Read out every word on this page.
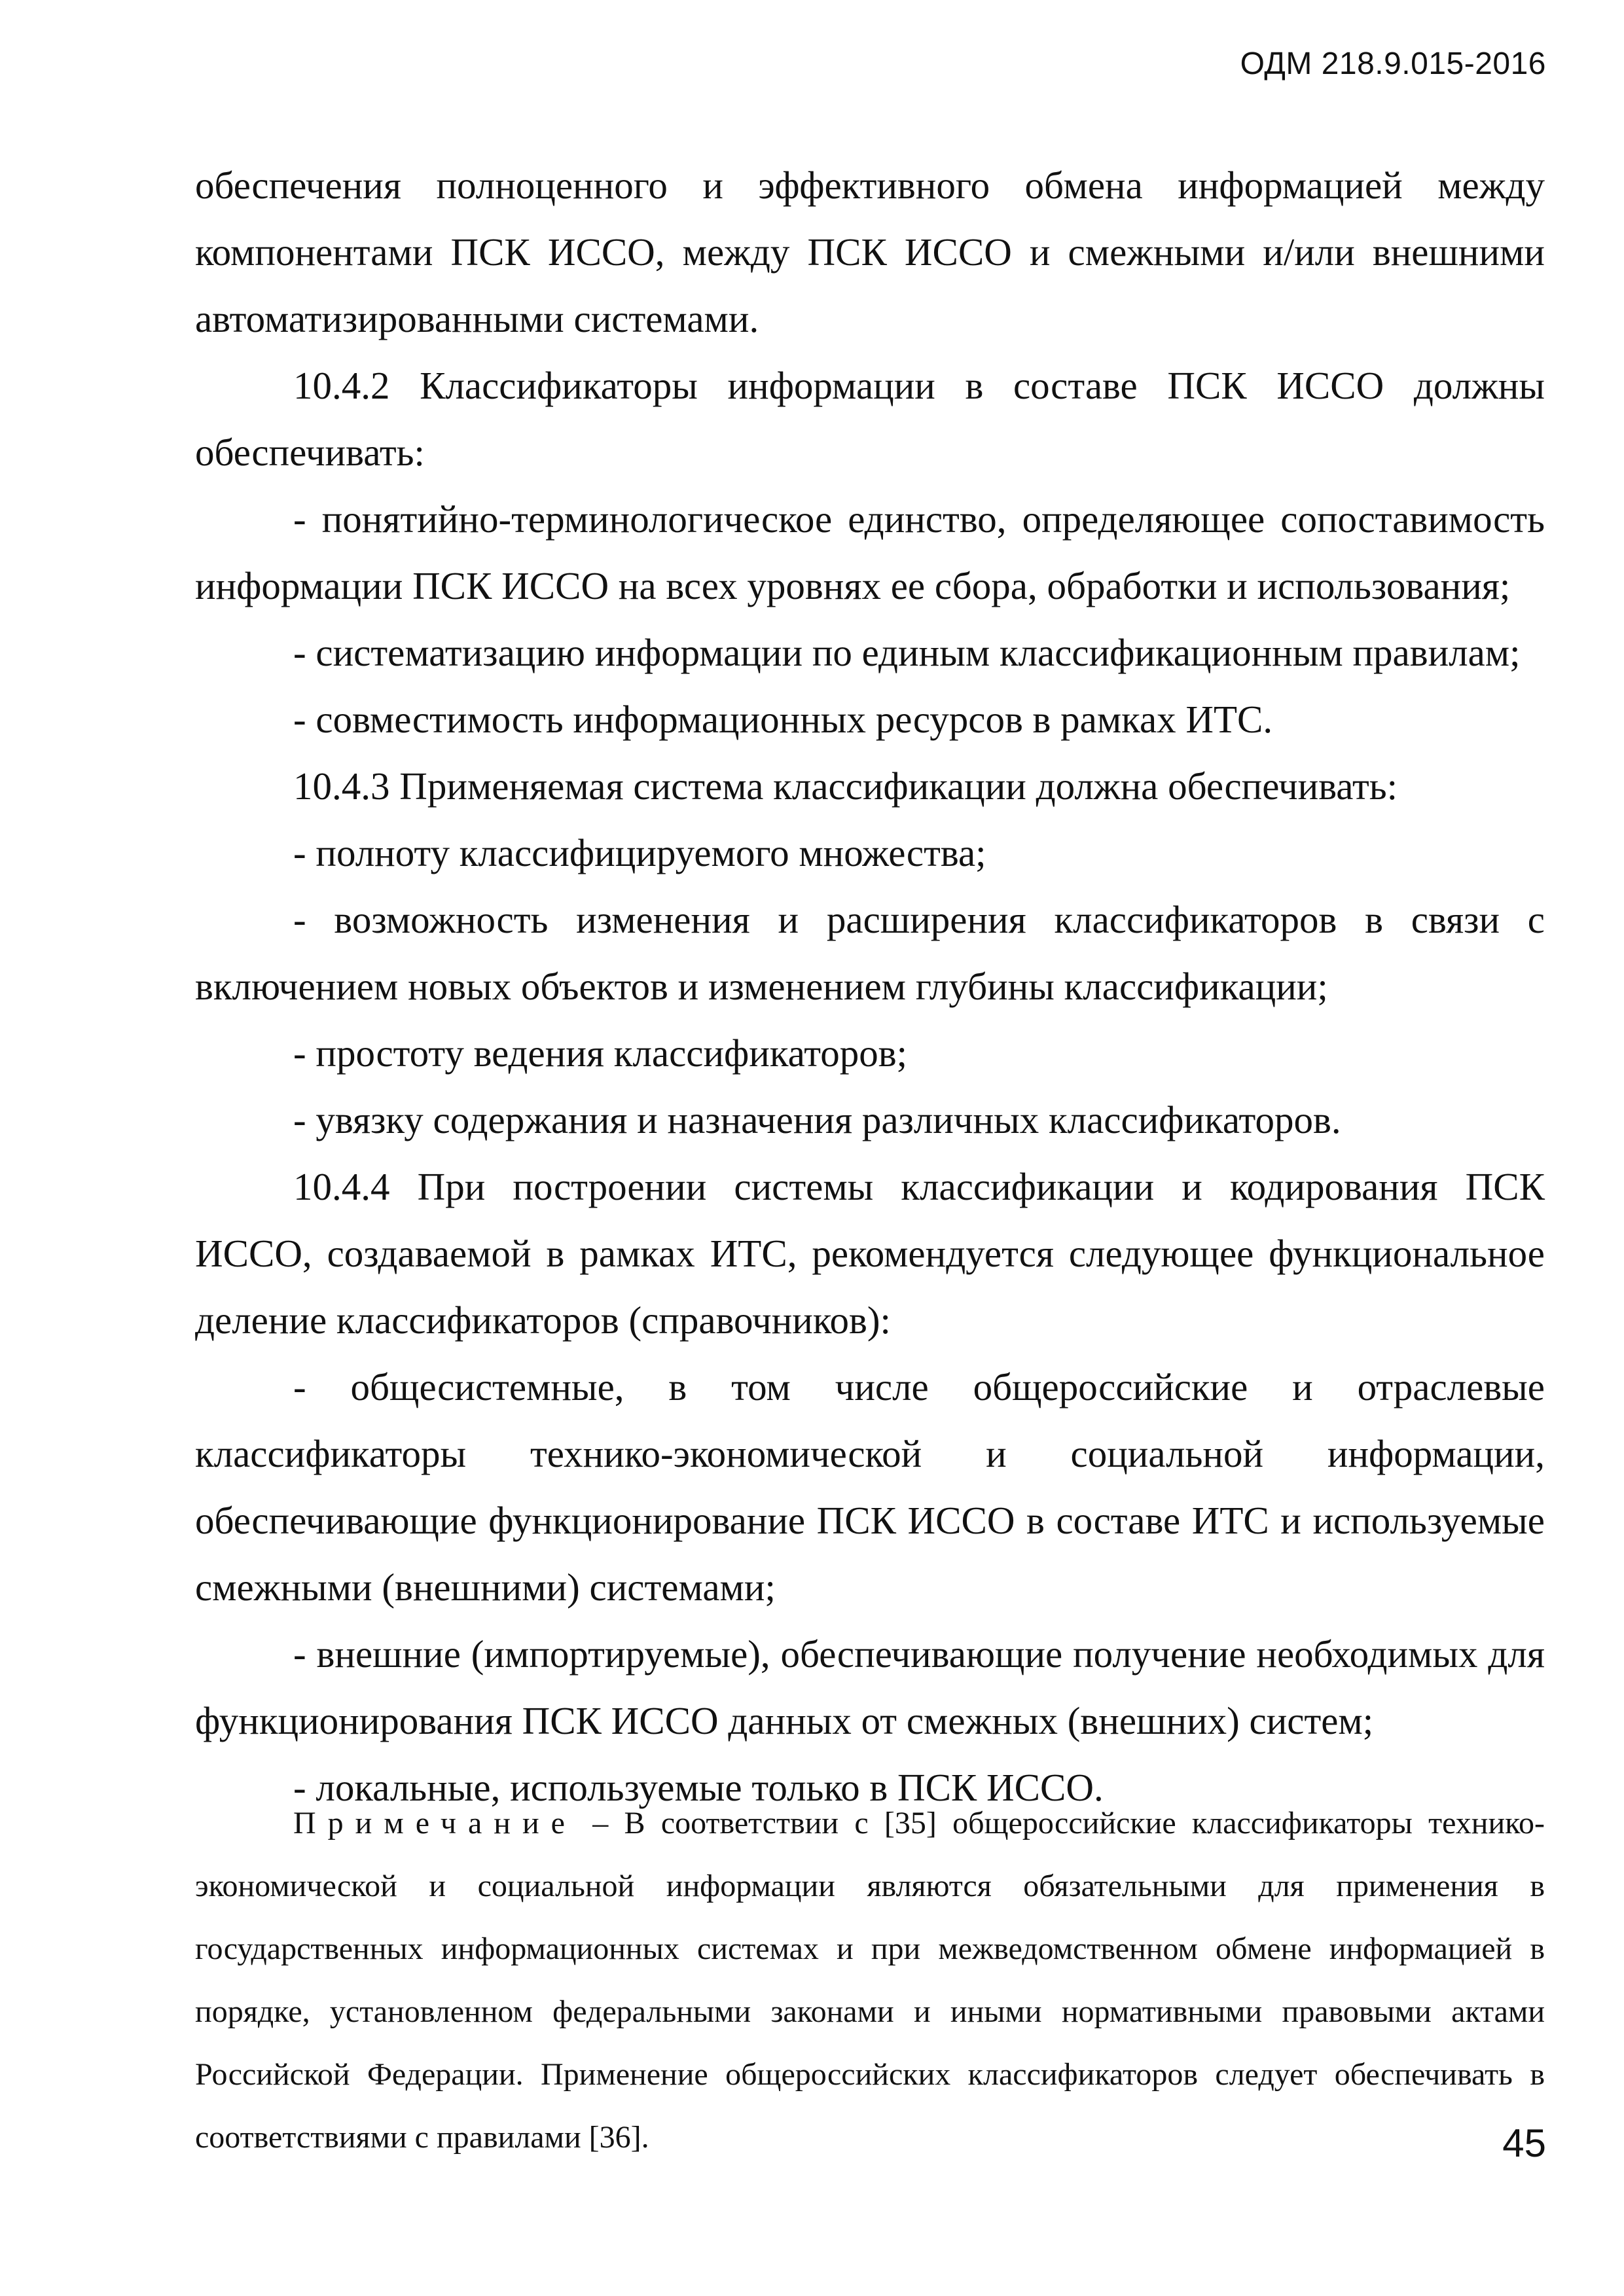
ОДМ 218.9.015-2016

обеспечения полноценного и эффективного обмена информацией между компонентами ПСК ИССО, между ПСК ИССО и смежными и/или внешними автоматизированными системами.

10.4.2 Классификаторы информации в составе ПСК ИССО должны обеспечивать:

- понятийно-терминологическое единство, определяющее сопоставимость информации ПСК ИССО на всех уровнях ее сбора, обработки и использования;

- систематизацию информации по единым классификационным правилам;

- совместимость информационных ресурсов в рамках ИТС.

10.4.3 Применяемая система классификации должна обеспечивать:

- полноту классифицируемого множества;

- возможность изменения и расширения классификаторов в связи с включением новых объектов и изменением глубины классификации;

- простоту ведения классификаторов;

- увязку содержания и назначения различных классификаторов.

10.4.4 При построении системы классификации и кодирования ПСК ИССО, создаваемой в рамках ИТС, рекомендуется следующее функциональное деление классификаторов (справочников):

- общесистемные, в том числе общероссийские и отраслевые классификаторы технико-экономической и социальной информации, обеспечивающие функционирование ПСК ИССО в составе ИТС и используемые смежными (внешними) системами;

- внешние (импортируемые), обеспечивающие получение необходимых для функционирования ПСК ИССО данных от смежных (внешних) систем;

- локальные, используемые только в ПСК ИССО.

Примечание – В соответствии с [35] общероссийские классификаторы технико-экономической и социальной информации являются обязательными для применения в государственных информационных системах и при межведомственном обмене информацией в порядке, установленном федеральными законами и иными нормативными правовыми актами Российской Федерации. Применение общероссийских классификаторов следует обеспечивать в соответствиями с правилами [36].	45
